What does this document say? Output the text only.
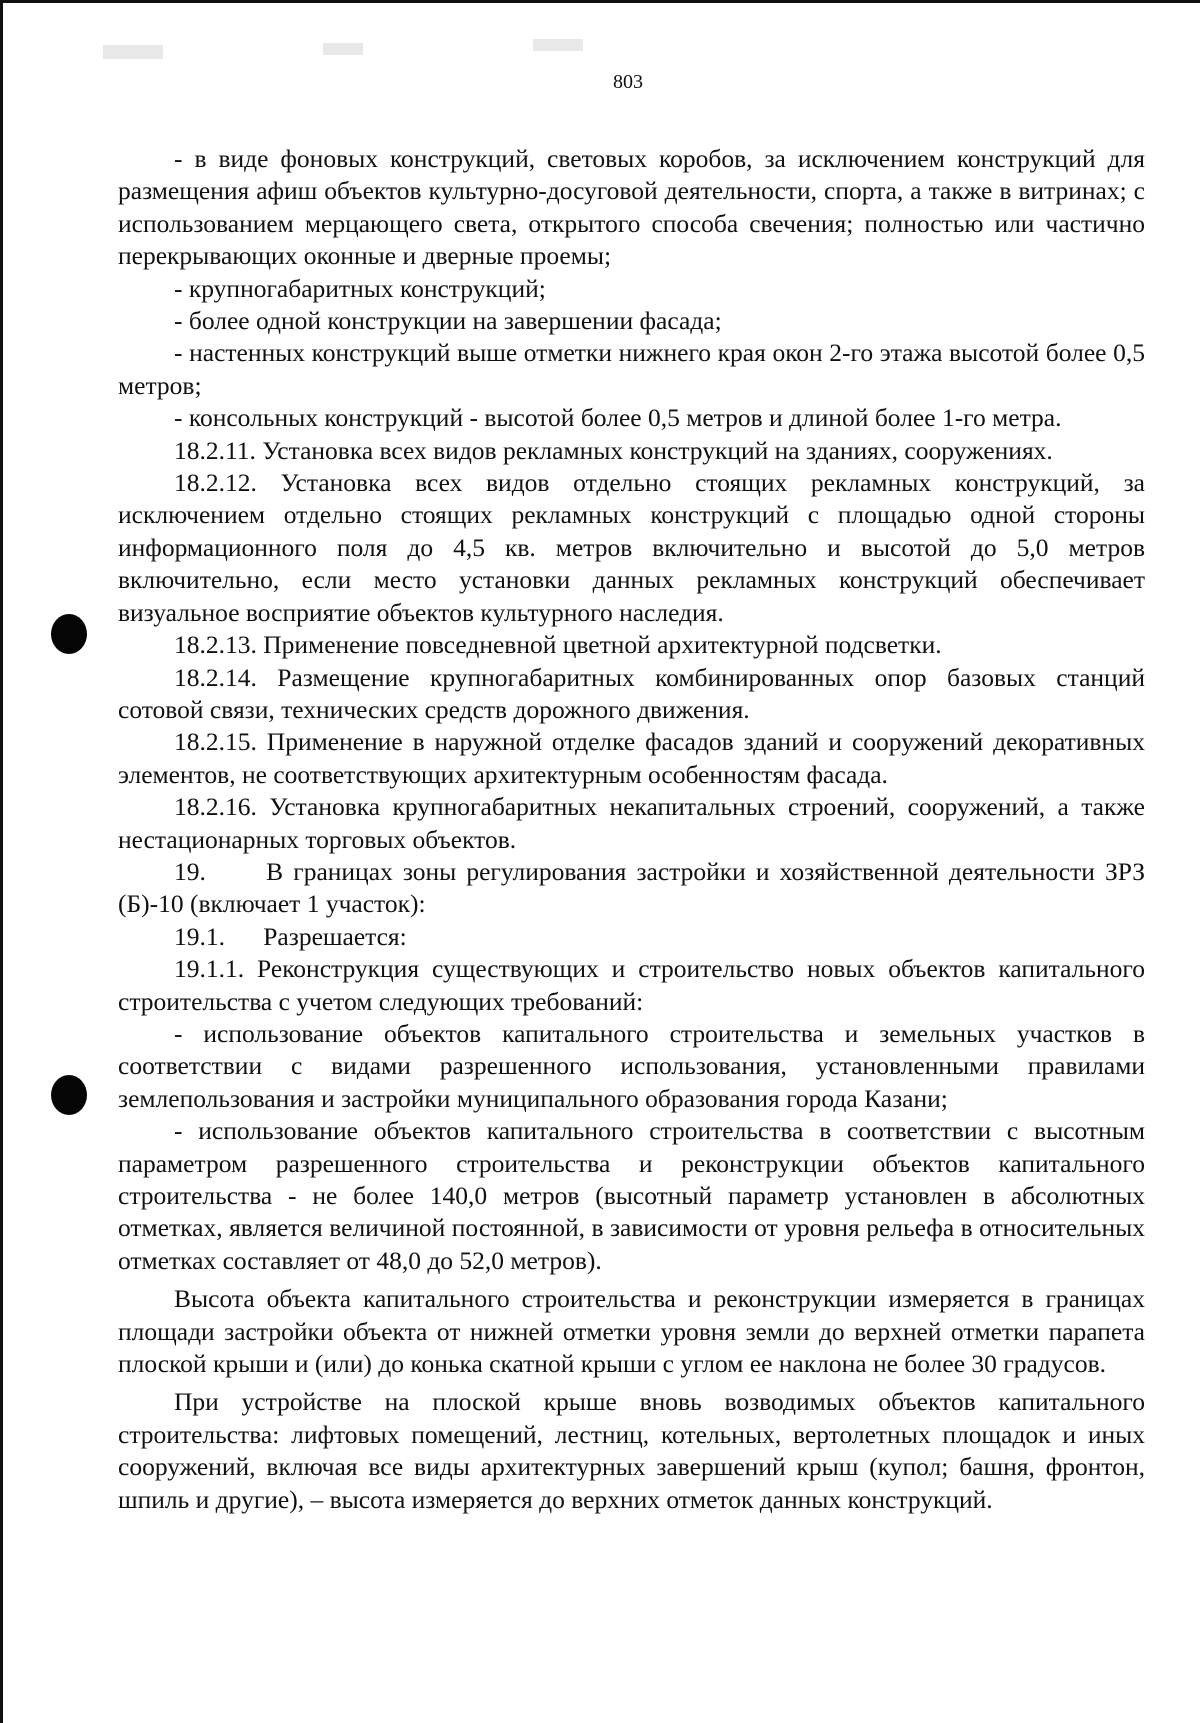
803

- в виде фоновых конструкций, световых коробов, за исключением конструкций для размещения афиш объектов культурно-досуговой деятельности, спорта, а также в витринах; с использованием мерцающего света, открытого способа свечения; полностью или частично перекрывающих оконные и дверные проемы;

- крупногабаритных конструкций;

- более одной конструкции на завершении фасада;

- настенных конструкций выше отметки нижнего края окон 2-го этажа высотой более 0,5 метров;

- консольных конструкций - высотой более 0,5 метров и длиной более 1-го метра.

18.2.11. Установка всех видов рекламных конструкций на зданиях, сооружениях.

18.2.12. Установка всех видов отдельно стоящих рекламных конструкций, за исключением отдельно стоящих рекламных конструкций с площадью одной стороны информационного поля до 4,5 кв. метров включительно и высотой до 5,0 метров включительно, если место установки данных рекламных конструкций обеспечивает визуальное восприятие объектов культурного наследия.

18.2.13. Применение повседневной цветной архитектурной подсветки.

18.2.14. Размещение крупногабаритных комбинированных опор базовых станций сотовой связи, технических средств дорожного движения.

18.2.15. Применение в наружной отделке фасадов зданий и сооружений декоративных элементов, не соответствующих архитектурным особенностям фасада.

18.2.16. Установка крупногабаритных некапитальных строений, сооружений, а также нестационарных торговых объектов.

19.      В границах зоны регулирования застройки и хозяйственной деятельности ЗРЗ (Б)-10 (включает 1 участок):

19.1.      Разрешается:

19.1.1. Реконструкция существующих и строительство новых объектов капитального строительства с учетом следующих требований:

- использование объектов капитального строительства и земельных участков в соответствии с видами разрешенного использования, установленными правилами землепользования и застройки муниципального образования города Казани;

- использование объектов капитального строительства в соответствии с высотным параметром разрешенного строительства и реконструкции объектов капитального строительства - не более 140,0 метров (высотный параметр установлен в абсолютных отметках, является величиной постоянной, в зависимости от уровня рельефа в относительных отметках составляет от 48,0 до 52,0 метров).

Высота объекта капитального строительства и реконструкции измеряется в границах площади застройки объекта от нижней отметки уровня земли до верхней отметки парапета плоской крыши и (или) до конька скатной крыши с углом ее наклона не более 30 градусов.

При устройстве на плоской крыше вновь возводимых объектов капитального строительства: лифтовых помещений, лестниц, котельных, вертолетных площадок и иных сооружений, включая все виды архитектурных завершений крыш (купол; башня, фронтон, шпиль и другие), – высота измеряется до верхних отметок данных конструкций.
